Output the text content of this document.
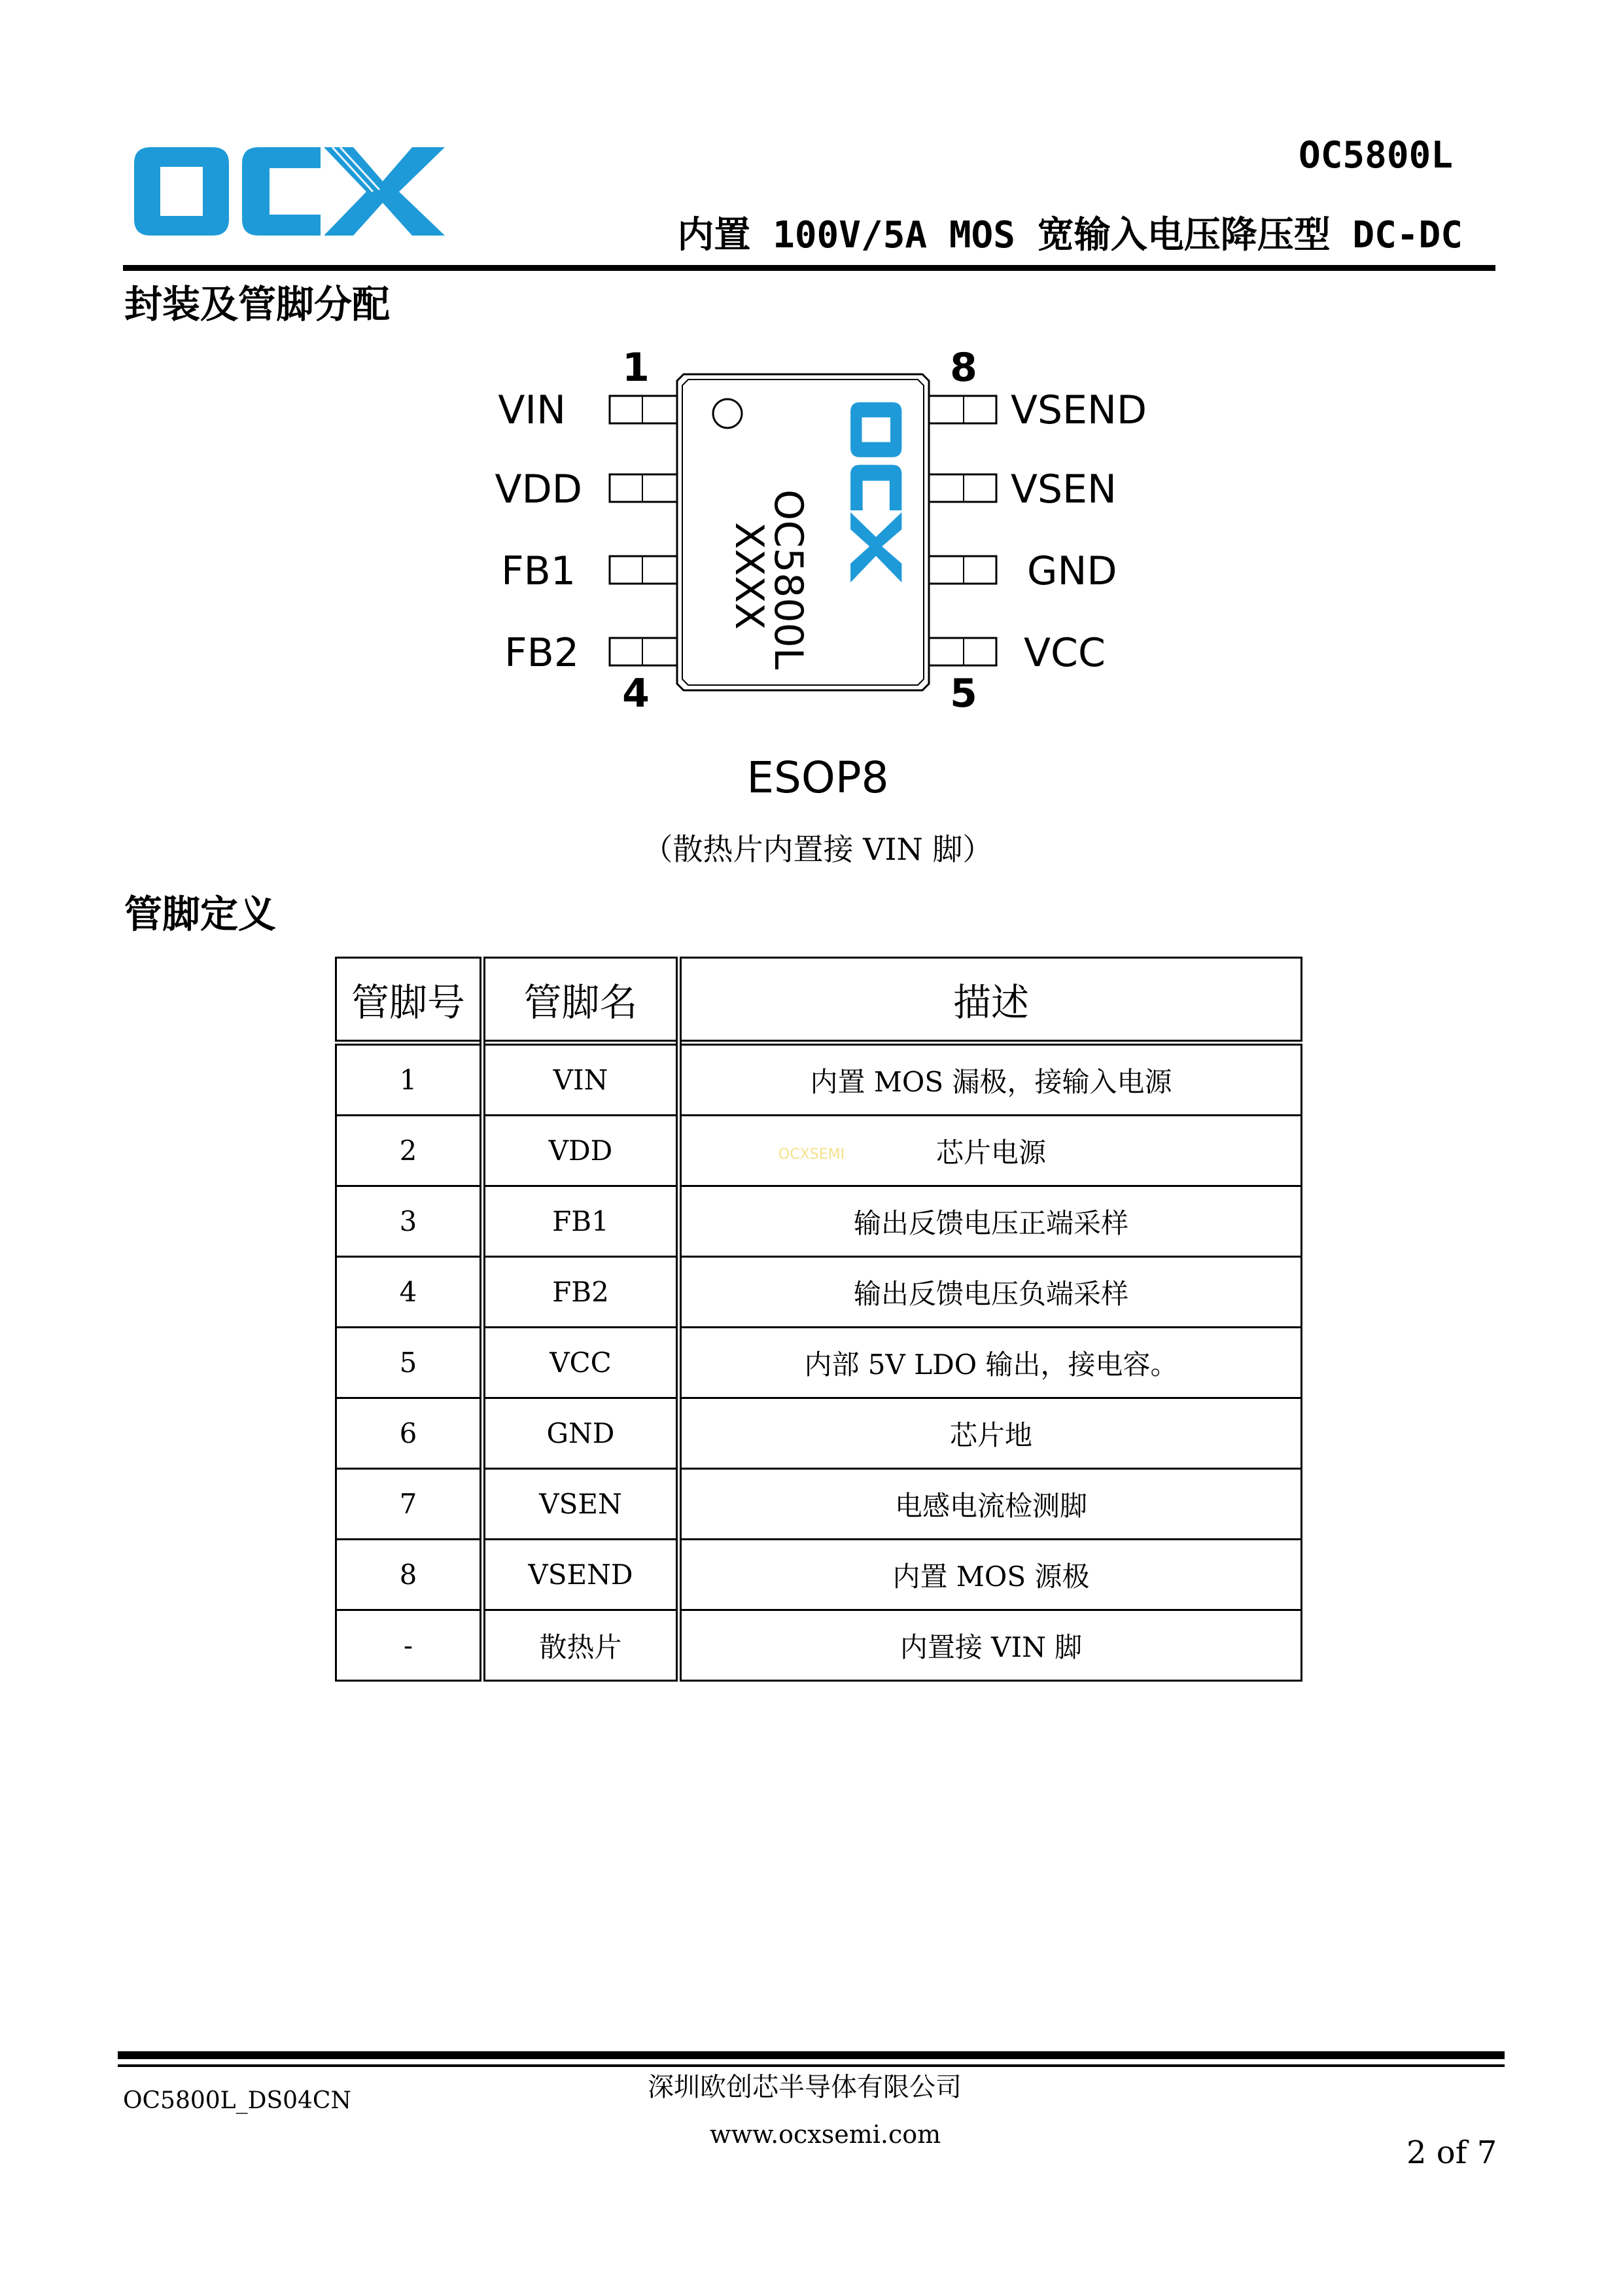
OC5800L
内置 100V/5A MOS 宽输入电压降压型 DC-DC
封装及管脚分配
1
4
8
5
VIN
VDD
FB1
FB2
VSEND
VSEN
GND
VCC
OC5800L
XXXX
ESOP8
（散热片内置接 VIN 脚）
管脚定义
管脚号	管脚名	描述
1	VIN	内置 MOS 漏极，接输入电源
2	VDD	芯片电源
3	FB1	输出反馈电压正端采样
4	FB2	输出反馈电压负端采样
5	VCC	内部 5V LDO 输出，接电容。
6	GND	芯片地
7	VSEN	电感电流检测脚
8	VSEND	内置 MOS 源极
-	散热片	内置接 VIN 脚
OCXSEMI
OC5800L_DS04CN	深圳欧创芯半导体有限公司
www.ocxsemi.com	2 of 7
